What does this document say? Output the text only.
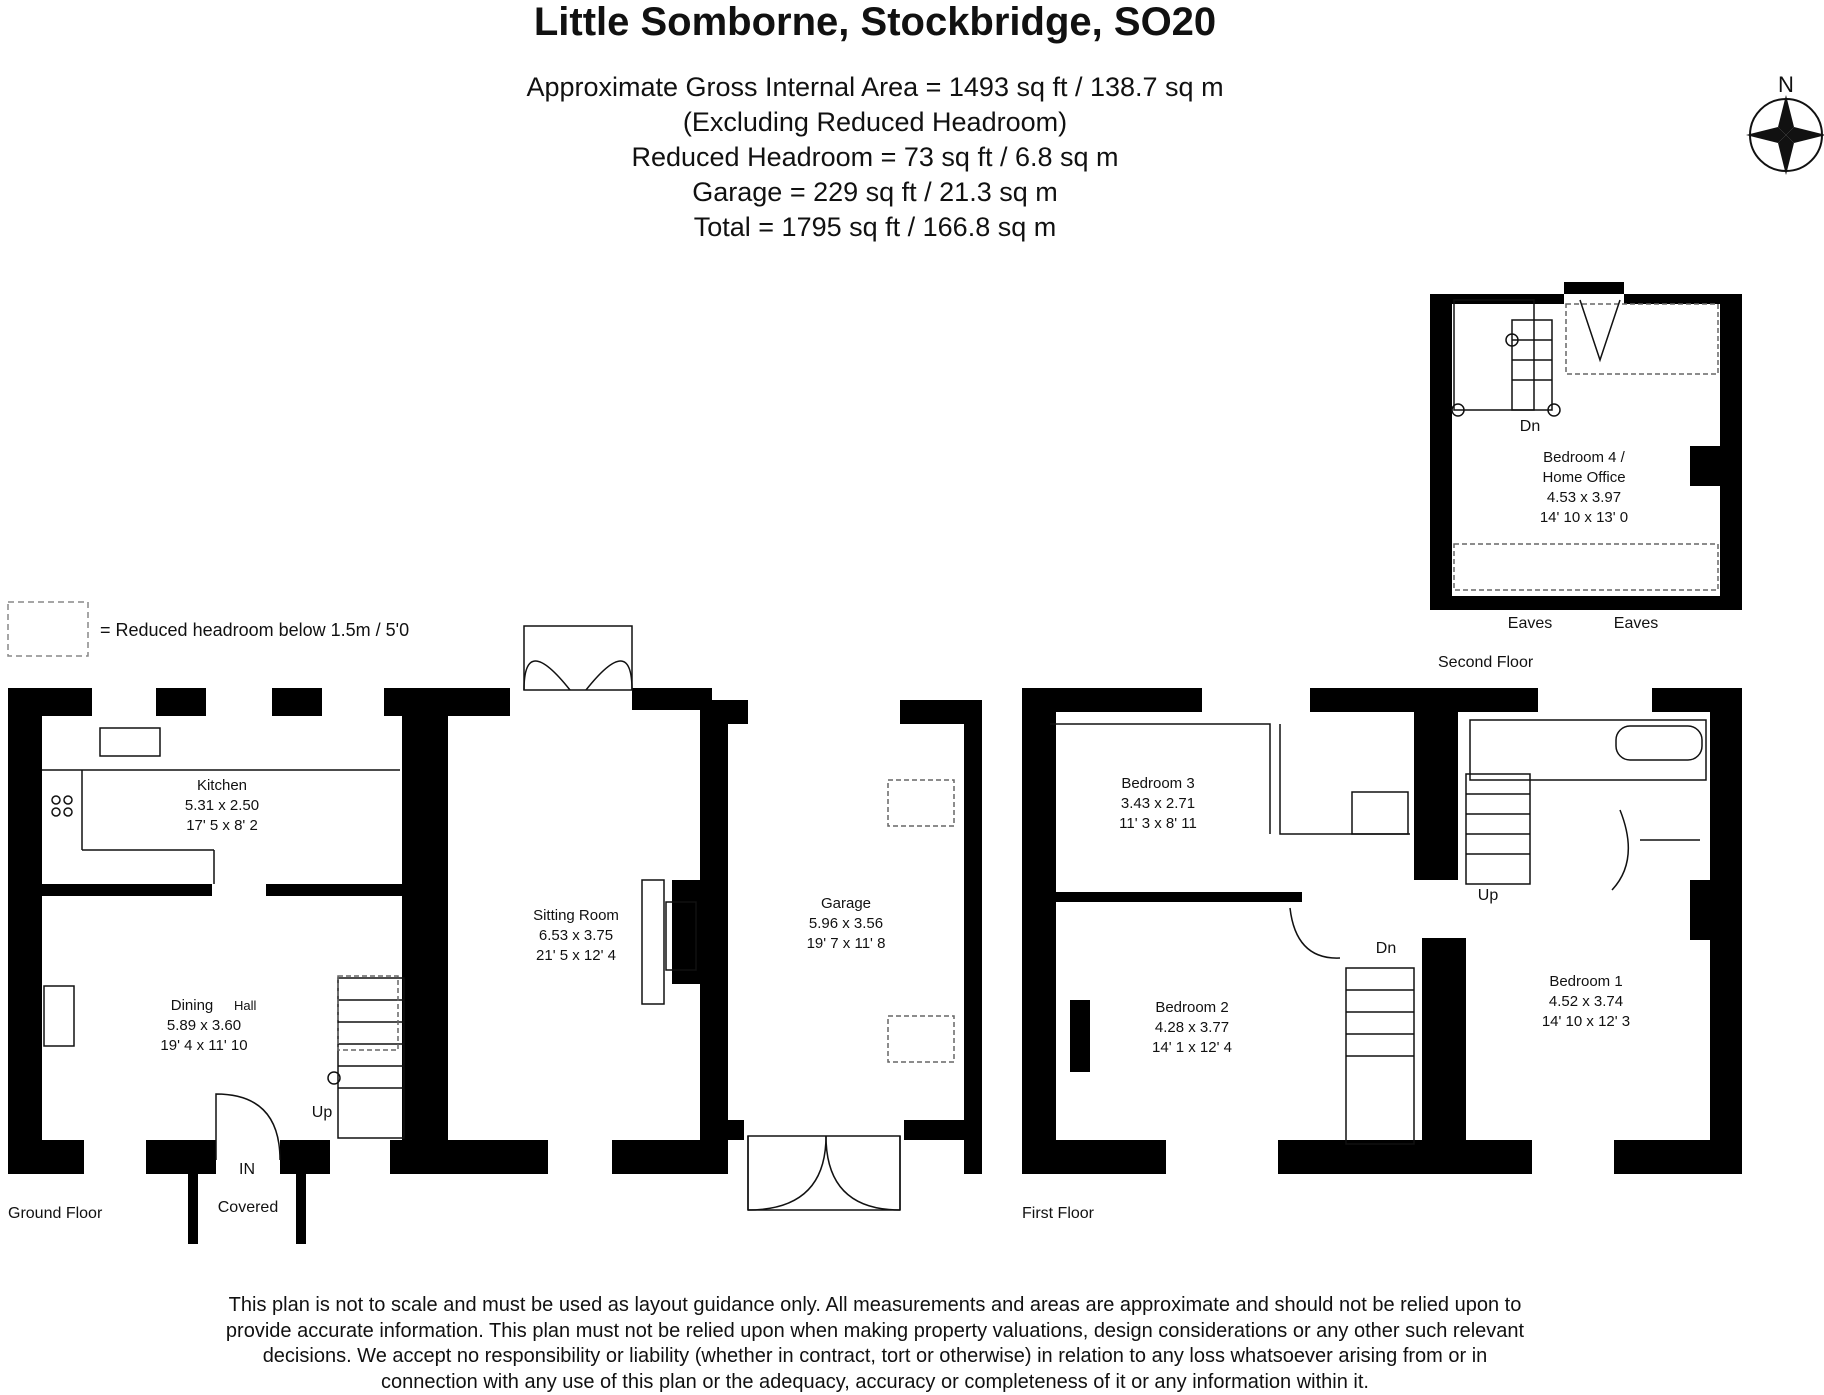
Little Somborne, Stockbridge, SO20
Approximate Gross Internal Area = 1493 sq ft / 138.7 sq m
(Excluding Reduced Headroom)
Reduced Headroom = 73 sq ft / 6.8 sq m
Garage = 229 sq ft / 21.3 sq m
Total = 1795 sq ft / 166.8 sq m
N
= Reduced headroom below 1.5m / 5'0
Kitchen
5.31 x 2.50
17' 5 x 8' 2
Dining Hall
5.89 x 3.60
19' 4 x 11' 10
Sitting Room
6.53 x 3.75
21' 5 x 12' 4
Garage
5.96 x 3.56
19' 7 x 11' 8
Bedroom 3
3.43 x 2.71
11' 3 x 8' 11
Bedroom 2
4.28 x 3.77
14' 1 x 12' 4
Bedroom 1
4.52 x 3.74
14' 10 x 12' 3
Bedroom 4 /
Home Office
4.53 x 3.97
14' 10 x 13' 0
IN
Covered
Up
Up
Dn
Dn
Eaves	Eaves
Ground Floor	First Floor
Second Floor
This plan is not to scale and must be used as layout guidance only. All measurements and areas are approximate and should not be relied upon to
provide accurate information. This plan must not be relied upon when making property valuations, design considerations or any other such relevant
decisions. We accept no responsibility or liability (whether in contract, tort or otherwise) in relation to any loss whatsoever arising from or in
connection with any use of this plan or the adequacy, accuracy or completeness of it or any information within it.
